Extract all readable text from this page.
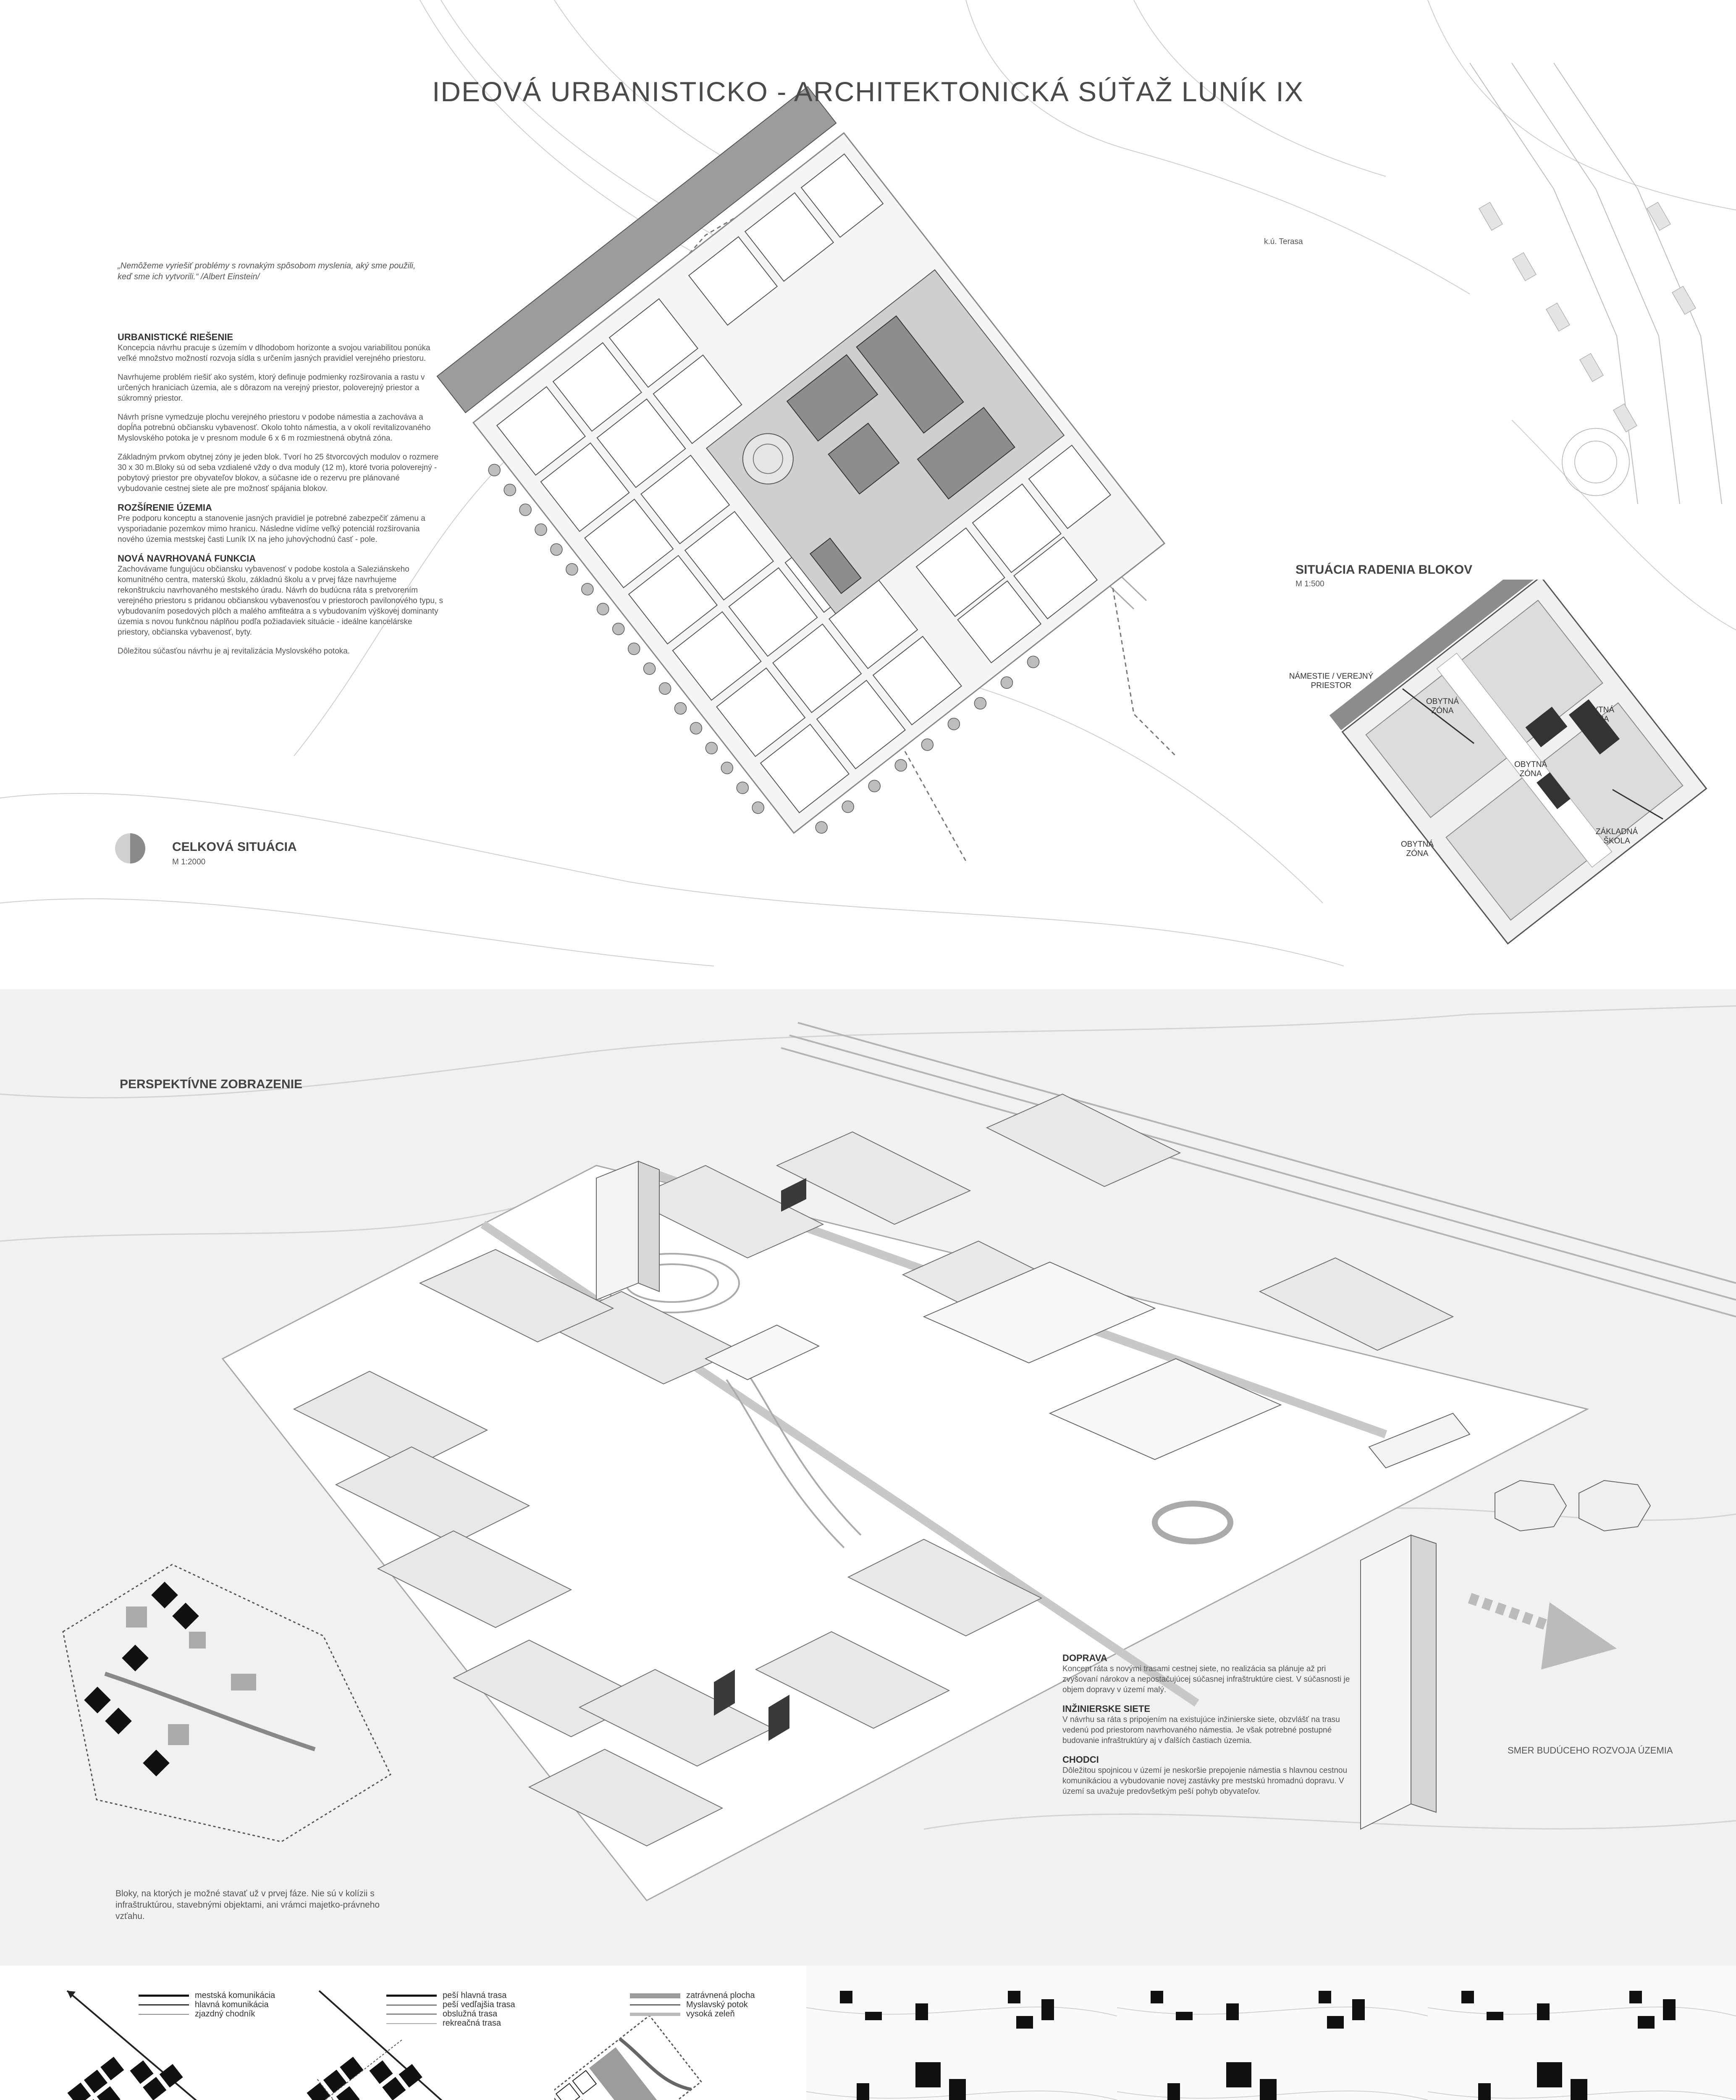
IDEOVÁ URBANISTICKO - ARCHITEKTONICKÁ SÚŤAŽ LUNÍK IX
„Nemôžeme vyriešiť problémy s rovnakým spôsobom myslenia, aký sme použili, keď sme ich vytvorili.“ /Albert Einstein/
URBANISTICKÉ RIEŠENIE

Koncepcia návrhu pracuje s územím v dlhodobom horizonte a svojou variabilitou ponúka veľké množstvo možností rozvoja sídla s určením jasných pravidiel verejného priestoru.

Navrhujeme problém riešiť ako systém, ktorý definuje podmienky rozširovania a rastu v určených hraniciach územia, ale s dôrazom na verejný priestor, poloverejný priestor a súkromný priestor.

Návrh prísne vymedzuje plochu verejného priestoru v podobe námestia a zachováva a dopĺňa potrebnú občiansku vybavenosť. Okolo tohto námestia, a v okolí revitalizovaného Myslovského potoka je v presnom module 6 x 6 m rozmiestnená obytná zóna.

Základným prvkom obytnej zóny je jeden blok. Tvorí ho 25 štvorcových modulov o rozmere 30 x 30 m.Bloky sú od seba vzdialené vždy o dva moduly (12 m), ktoré tvoria poloverejný - pobytový priestor pre obyvateľov blokov, a súčasne ide o rezervu pre plánované vybudovanie cestnej siete ale pre možnosť spájania blokov.

ROZŠÍRENIE ÚZEMIA

Pre podporu konceptu a stanovenie jasných pravidiel je potrebné zabezpečiť zámenu a vysporiadanie pozemkov mimo hranicu. Následne vidíme veľký potenciál rozširovania nového územia mestskej časti Luník IX na jeho juhovýchodnú časť - pole.

NOVÁ NAVRHOVANÁ FUNKCIA

Zachovávame fungujúcu občiansku vybavenosť v podobe kostola a Saleziánskeho komunitného centra, materskú školu, základnú školu a v prvej fáze navrhujeme rekonštrukciu navrhovaného mestského úradu. Návrh do budúcna ráta s pretvorením verejného priestoru s pridanou občianskou vybavenosťou v priestoroch pavilonového typu, s vybudovaním posedových plôch a malého amfiteátra a s vybudovaním výškovej dominanty územia s novou funkčnou náplňou podľa požiadaviek situácie - ideálne kancelárske priestory, občianska vybavenosť, byty.

Dôležitou súčasťou návrhu je aj revitalizácia Myslovského potoka.

CELKOVÁ SITUÁCIA
M 1:2000
k.ú. Terasa
SITUÁCIA RADENIA BLOKOV
M 1:500
NÁMESTIE / VEREJNÝ PRIESTOR
OBYTNÁ ZÓNA	OBYTNÁ ZÓNA
OBYTNÁ ZÓNA
OBYTNÁ ZÓNA
ZÁKLADNÁ ŠKOLA
PERSPEKTÍVNE ZOBRAZENIE
Bloky, na ktorých je možné stavať už v prvej fáze. Nie sú v kolízii s infraštruktúrou, stavebnými objektami, ani vrámci majetko-právneho vzťahu.
DOPRAVA

Koncept ráta s novými trasami cestnej siete, no realizácia sa plánuje až pri zvyšovaní nárokov a nepostačujúcej súčasnej infraštruktúre ciest. V súčasnosti je objem dopravy v území malý.

INŽINIERSKE SIETE

V návrhu sa ráta s pripojením na existujúce inžinierske siete, obzvlášť na trasu vedenú pod priestorom navrhovaného námestia. Je však potrebné postupné budovanie infraštruktúry aj v ďalších častiach územia.

CHODCI

Dôležitou spojnicou v území je neskoršie prepojenie námestia s hlavnou cestnou komunikáciou a vybudovanie novej zastávky pre mestskú hromadnú dopravu. V území sa uvažuje predovšetkým peší pohyb obyvateľov.

SMER BUDÚCEHO ROZVOJA ÚZEMIA
mestská komunikácia
hlavná komunikácia
zjazdný chodník
peší hlavná trasa
peší vedľajšia trasa
obslužná trasa
rekreačná trasa
zatrávnená plocha
Myslavský potok
vysoká zeleň
